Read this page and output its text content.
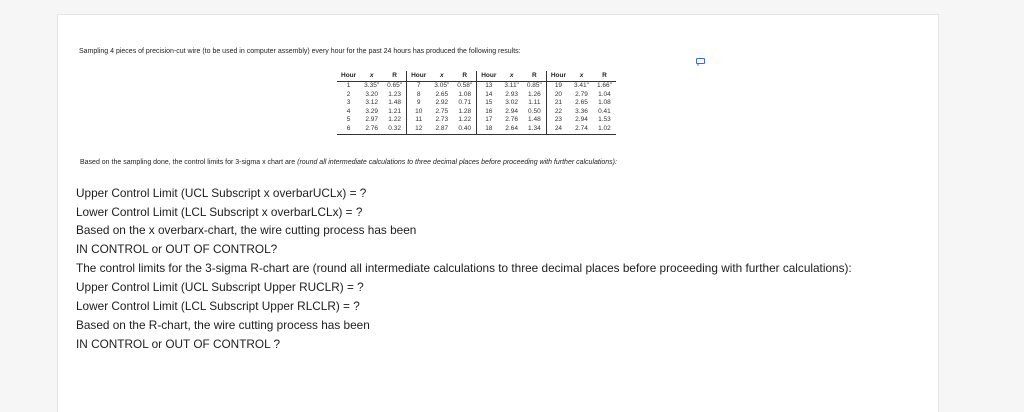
Sampling 4 pieces of precision-cut wire (to be used in computer assembly) every hour for the past 24 hours has produced the following results:
Hour	x	R	Hour	x	R	Hour	x	R	Hour	x	R
1	3.35"	0.65"	7	3.05"	0.58"	13	3.11"	0.85"	19	3.41"	1.66"
2	3.20	1.23	8	2.65	1.08	14	2.93	1.26	20	2.79	1.04
3	3.12	1.48	9	2.92	0.71	15	3.02	1.11	21	2.65	1.08
4	3.29	1.21	10	2.75	1.28	16	2.94	0.50	22	3.36	0.41
5	2.97	1.22	11	2.73	1.22	17	2.76	1.48	23	2.94	1.53
6	2.76	0.32	12	2.87	0.40	18	2.64	1.34	24	2.74	1.02
Based on the sampling done, the control limits for 3-sigma x chart are (round all intermediate calculations to three decimal places before proceeding with further calculations):
Upper Control Limit (UCL Subscript x overbarUCLx) = ?
Lower Control Limit (LCL Subscript x overbarLCLx) = ?
Based on the x overbarx-chart, the wire cutting process has been
IN CONTROL or OUT OF CONTROL?
The control limits for the 3-sigma R-chart are (round all intermediate calculations to three decimal places before proceeding with further calculations):
Upper Control Limit (UCL Subscript Upper RUCLR) = ?
Lower Control Limit (LCL Subscript Upper RLCLR) = ?
Based on the R-chart, the wire cutting process has been
IN CONTROL or OUT OF CONTROL ?
